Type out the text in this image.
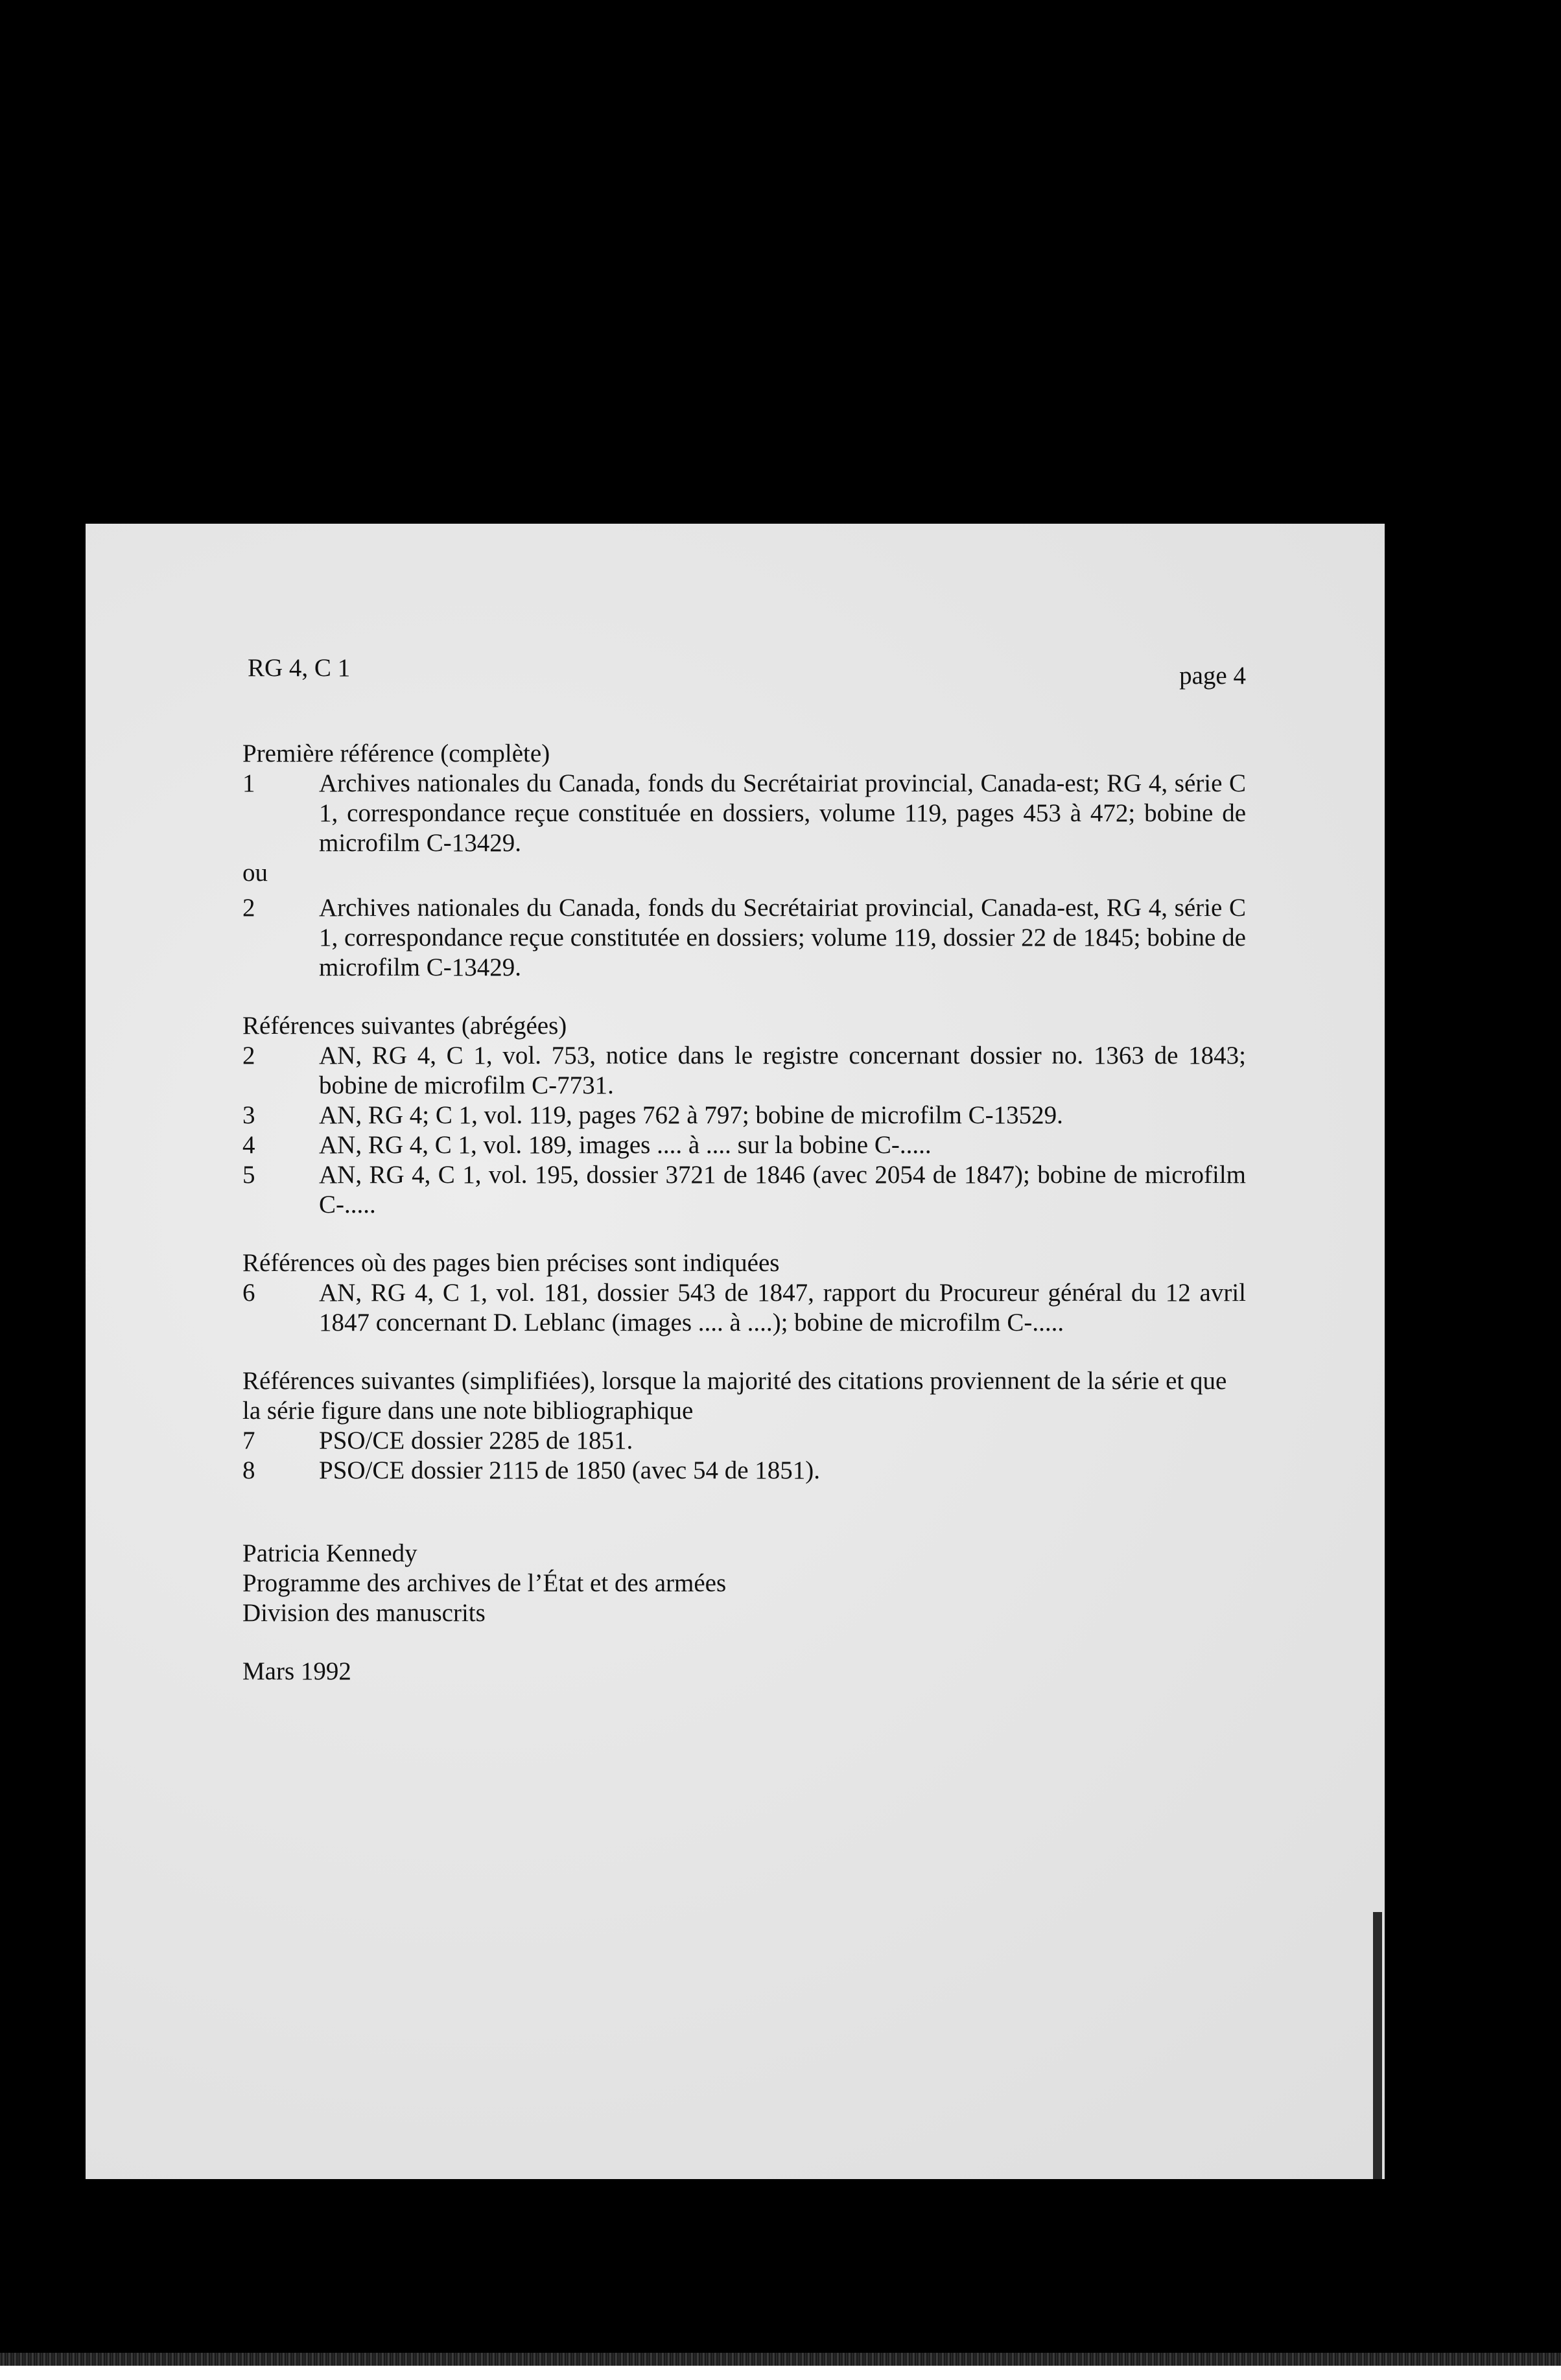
RG 4, C 1	page 4

Première référence (complète)

1	Archives nationales du Canada, fonds du Secrétairiat provincial, Canada-est; RG 4, série C 1, correspondance reçue constituée en dossiers, volume 119, pages 453 à 472; bobine de microfilm C-13429.

ou

2	Archives nationales du Canada, fonds du Secrétairiat provincial, Canada-est, RG 4, série C 1, correspondance reçue constitutée en dossiers; volume 119, dossier 22 de 1845; bobine de microfilm C-13429.

Références suivantes (abrégées)

2	AN, RG 4, C 1, vol. 753, notice dans le registre concernant dossier no. 1363 de 1843; bobine de microfilm C-7731.
3	AN, RG 4; C 1, vol. 119, pages 762 à 797; bobine de microfilm C-13529.
4	AN, RG 4, C 1, vol. 189, images .... à .... sur la bobine C-.....
5	AN, RG 4, C 1, vol. 195, dossier 3721 de 1846 (avec 2054 de 1847); bobine de microfilm C-.....

Références où des pages bien précises sont indiquées

6	AN, RG 4, C 1, vol. 181, dossier 543 de 1847, rapport du Procureur général du 12 avril 1847 concernant D. Leblanc (images .... à ....); bobine de microfilm C-.....

Références suivantes (simplifiées), lorsque la majorité des citations proviennent de la série et que la série figure dans une note bibliographique

7	PSO/CE dossier 2285 de 1851.
8	PSO/CE dossier 2115 de 1850 (avec 54 de 1851).

Patricia Kennedy

Programme des archives de l’État et des armées

Division des manuscrits

Mars 1992
